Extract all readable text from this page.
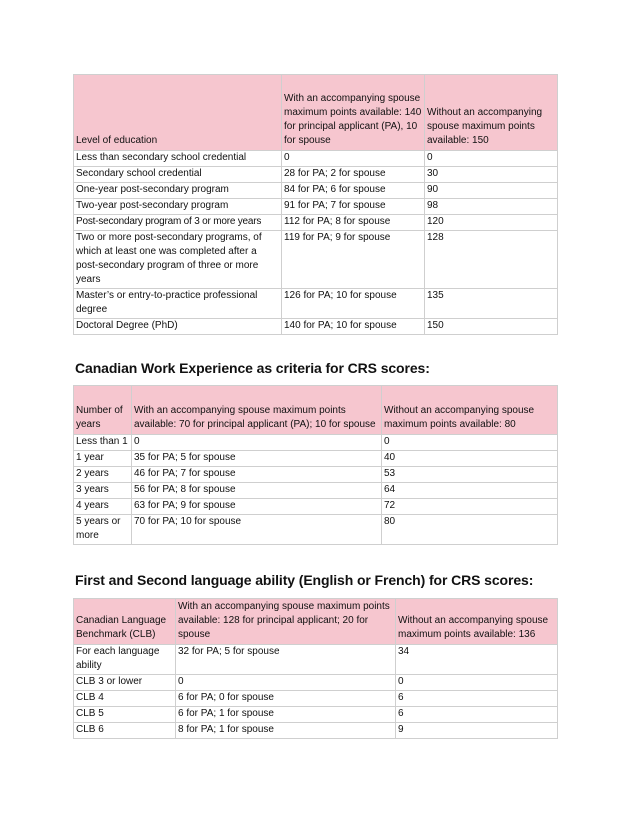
Level of education	With an accompanying spouse maximum points available: 140 for principal applicant (PA), 10 for spouse	Without an accompanying spouse maximum points available: 150
Less than secondary school credential	0	0
Secondary school credential	28 for PA; 2 for spouse	30
One-year post-secondary program	84 for PA; 6 for spouse	90
Two-year post-secondary program	91 for PA; 7 for spouse	98
Post-secondary program of 3 or more years	112 for PA; 8 for spouse	120
Two or more post-secondary programs, of which at least one was completed after a post-secondary program of three or more years	119 for PA; 9 for spouse	128
Master’s or entry-to-practice professional degree	126 for PA; 10 for spouse	135
Doctoral Degree (PhD)	140 for PA; 10 for spouse	150
Canadian Work Experience as criteria for CRS scores:
Number of years	With an accompanying spouse maximum points available: 70 for principal applicant (PA); 10 for spouse	Without an accompanying spouse maximum points available: 80
Less than 1	0	0
1 year	35 for PA; 5 for spouse	40
2 years	46 for PA; 7 for spouse	53
3 years	56 for PA; 8 for spouse	64
4 years	63 for PA; 9 for spouse	72
5 years or more	70 for PA; 10 for spouse	80
First and Second language ability (English or French) for CRS scores:
Canadian Language Benchmark (CLB)	With an accompanying spouse maximum points available: 128 for principal applicant; 20 for spouse	Without an accompanying spouse maximum points available: 136
For each language ability	32 for PA; 5 for spouse	34
CLB 3 or lower	0	0
CLB 4	6 for PA; 0 for spouse	6
CLB 5	6 for PA; 1 for spouse	6
CLB 6	8 for PA; 1 for spouse	9
